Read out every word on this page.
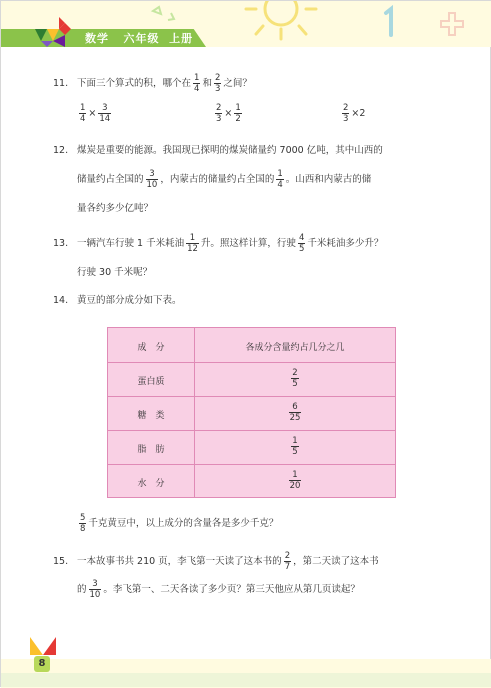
数学 六年级 上册
11. 下面三个算式的积，哪个在 $\frac{1}{4}$ 和 $\frac{2}{3}$ 之间？
$\frac{1}{4} \times \frac{3}{14}$	$\frac{2}{3} \times \frac{1}{2}$	$\frac{2}{3} \times 2$
12. 煤炭是重要的能源。我国现已探明的煤炭储量约 7000 亿吨，其中山西的
储量约占全国的 $\frac{3}{10}$ ，内蒙古的储量约占全国的 $\frac{1}{4}$ 。山西和内蒙古的储
量各约多少亿吨？
13. 一辆汽车行驶 1 千米耗油 $\frac{1}{12}$ 升。照这样计算，行驶 $\frac{4}{5}$ 千米耗油多少升？
行驶 30 千米呢？
14. 黄豆的部分成分如下表。
成　分	各成分含量约占几分之几
蛋白质	$\frac{2}{5}$
糖　类	$\frac{6}{25}$
脂　肪	$\frac{1}{5}$
水　分	$\frac{1}{20}$
$\frac{5}{8}$ 千克黄豆中，以上成分的含量各是多少千克？
15. 一本故事书共 210 页，李飞第一天读了这本书的 $\frac{2}{7}$ ，第二天读了这本书
的 $\frac{3}{10}$ 。李飞第一、二天各读了多少页？第三天他应从第几页读起？
8
